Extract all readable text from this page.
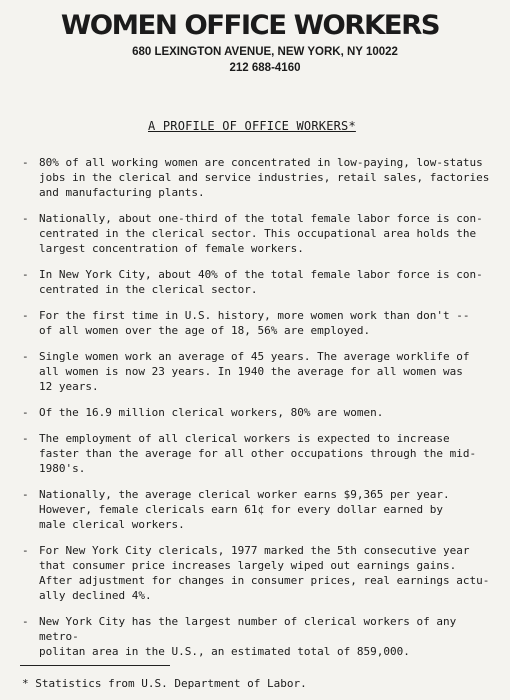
WOMEN OFFICE WORKERS

680 LEXINGTON AVENUE, NEW YORK, NY 10022

212 688-4160

A PROFILE OF OFFICE WORKERS*

- 80% of all working women are concentrated in low-paying, low-status
jobs in the clerical and service industries, retail sales, factories
and manufacturing plants.
- Nationally, about one-third of the total female labor force is con-
centrated in the clerical sector. This occupational area holds the
largest concentration of female workers.
- In New York City, about 40% of the total female labor force is con-
centrated in the clerical sector.
- For the first time in U.S. history, more women work than don't --
of all women over the age of 18, 56% are employed.
- Single women work an average of 45 years. The average worklife of
all women is now 23 years. In 1940 the average for all women was
12 years.
- Of the 16.9 million clerical workers, 80% are women.
- The employment of all clerical workers is expected to increase
faster than the average for all other occupations through the mid-
1980's.
- Nationally, the average clerical worker earns $9,365 per year.
However, female clericals earn 61¢ for every dollar earned by
male clerical workers.
- For New York City clericals, 1977 marked the 5th consecutive year
that consumer price increases largely wiped out earnings gains.
After adjustment for changes in consumer prices, real earnings actu-
ally declined 4%.
- New York City has the largest number of clerical workers of any metro-
politan area in the U.S., an estimated total of 859,000.

* Statistics from U.S. Department of Labor.
